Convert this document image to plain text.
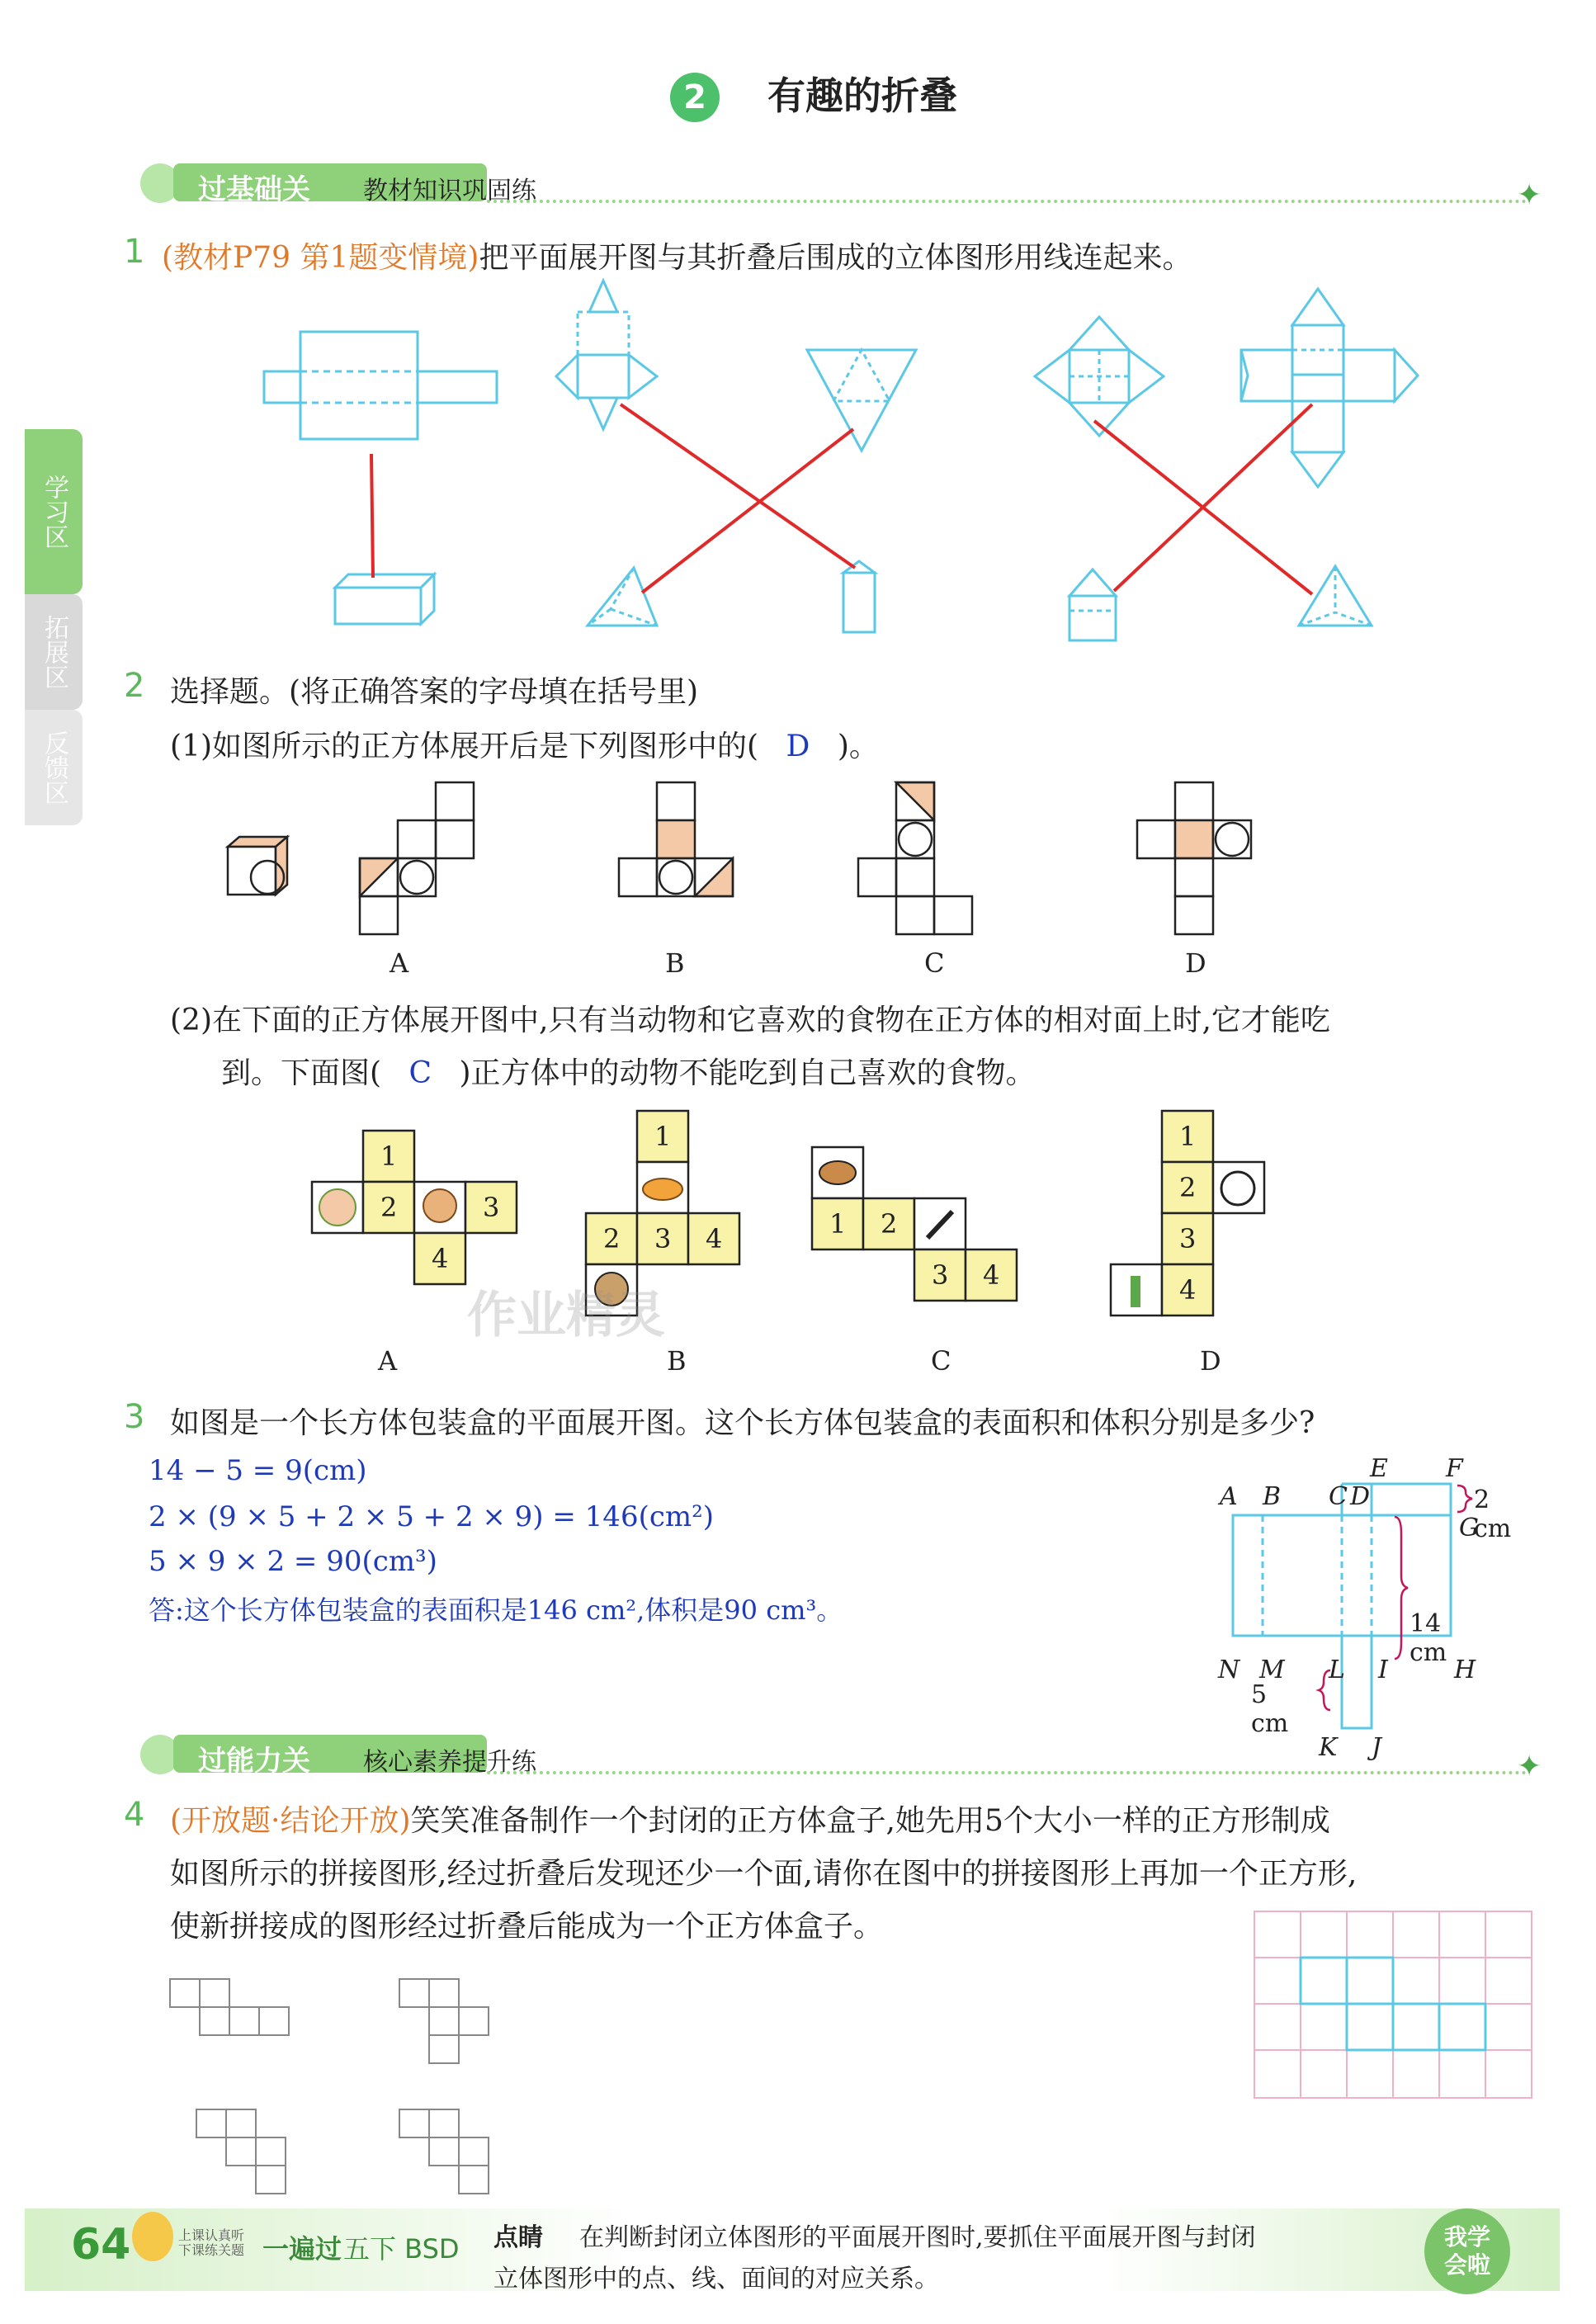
2	有趣的折叠
过基础关 教材知识巩固练	✦
学习区
拓展区
反馈区
1 (教材P79 第1题变情境)把平面展开图与其折叠后围成的立体图形用线连起来。
2 选择题。(将正确答案的字母填在括号里)
(1)如图所示的正方体展开后是下列图形中的( D )。
A	B	C	D
(2)在下面的正方体展开图中,只有当动物和它喜欢的食物在正方体的相对面上时,它才能吃
到。下面图( C )正方体中的动物不能吃到自己喜欢的食物。
1
2	3
4
1
2 3 4	1 2
3 4
1
2
3
4
作业精灵
A	B	C	D
3 如图是一个长方体包装盒的平面展开图。这个长方体包装盒的表面积和体积分别是多少?
14 − 5 = 9(cm)
2 × (9 × 5 + 2 × 5 + 2 × 9) = 146(cm²)
5 × 9 × 2 = 90(cm³)
答:这个长方体包装盒的表面积是146 cm²,体积是90 cm³。
A B C D
E F
G
H
I
J
K
L
M
N
2 cm
14 cm
5 cm
过能力关 核心素养提升练	✦
4 (开放题·结论开放)笑笑准备制作一个封闭的正方体盒子,她先用5个大小一样的正方形制成
如图所示的拼接图形,经过折叠后发现还少一个面,请你在图中的拼接图形上再加一个正方形,
使新拼接成的图形经过折叠后能成为一个正方体盒子。
64	上课认真听 下课练关题 一遍过 五下 BSD 点睛 在判断封闭立体图形的平面展开图时,要抓住平面展开图与封闭
立体图形中的点、线、面间的对应关系。
我学会啦
